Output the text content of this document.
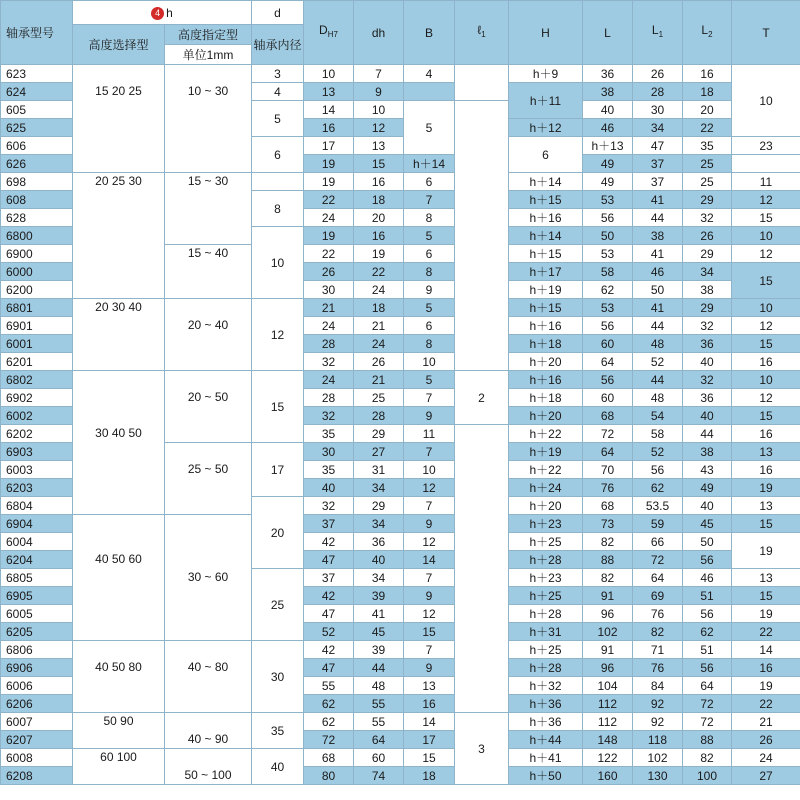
轴承型号	4 h		d	$D_{H7}$	dh	B	ℓ$_1$	H	L	$L_1$	$L_2$	T	
	高度选择型	高度指定型	轴承内径										
		单位1mm											
623	15 20 25	10 ~ 30	3	10	7	4		h＋9	36	26	16	10	
624			4	13	9			h＋11	38	28	18		
605			5	14	10	5			40	30	20		
625				16	12			h＋12	46	34	22		
606			6	17	13			6	h＋13	47	35	23	
626				19	15	h＋14			49	37	25		
698	20 25 30	15 ~ 30		19	16	6		h＋14	49	37	25	11	
608			8	22	18	7		h＋15	53	41	29	12	
628				24	20	8		h＋16	56	44	32	15	
6800			10	19	16	5		h＋14	50	38	26	10	
6900		15 ~ 40		22	19	6		h＋15	53	41	29	12	
6000				26	22	8		h＋17	58	46	34	15	
6200				30	24	9		h＋19	62	50	38		
6801	20 30 40	20 ~ 40	12	21	18	5		h＋15	53	41	29	10	
6901				24	21	6		h＋16	56	44	32	12	
6001				28	24	8		h＋18	60	48	36	15	
6201				32	26	10		h＋20	64	52	40	16	
6802	30 40 50	20 ~ 50	15	24	21	5	2	h＋16	56	44	32	10	
6902				28	25	7		h＋18	60	48	36	12	
6002				32	28	9		h＋20	68	54	40	15	
6202				35	29	11		h＋22	72	58	44	16	
6903		25 ~ 50	17	30	27	7		h＋19	64	52	38	13	
6003				35	31	10		h＋22	70	56	43	16	
6203				40	34	12		h＋24	76	62	49	19	
6804			20	32	29	7		h＋20	68	53.5	40	13	
6904	40 50 60	30 ~ 60		37	34	9		h＋23	73	59	45	15	
6004				42	36	12		h＋25	82	66	50	19	
6204				47	40	14		h＋28	88	72	56		
6805			25	37	34	7		h＋23	82	64	46	13	
6905				42	39	9		h＋25	91	69	51	15	
6005				47	41	12		h＋28	96	76	56	19	
6205				52	45	15		h＋31	102	82	62	22	
6806	40 50 80	40 ~ 80	30	42	39	7		h＋25	91	71	51	14	
6906				47	44	9		h＋28	96	76	56	16	
6006				55	48	13		h＋32	104	84	64	19	
6206				62	55	16		h＋36	112	92	72	22	
6007	50 90	40 ~ 90	35	62	55	14	3	h＋36	112	92	72	21	
6207				72	64	17		h＋44	148	118	88	26	
6008	60 100	50 ~ 100	40	68	60	15		h＋41	122	102	82	24	
6208				80	74	18		h＋50	160	130	100	27	
